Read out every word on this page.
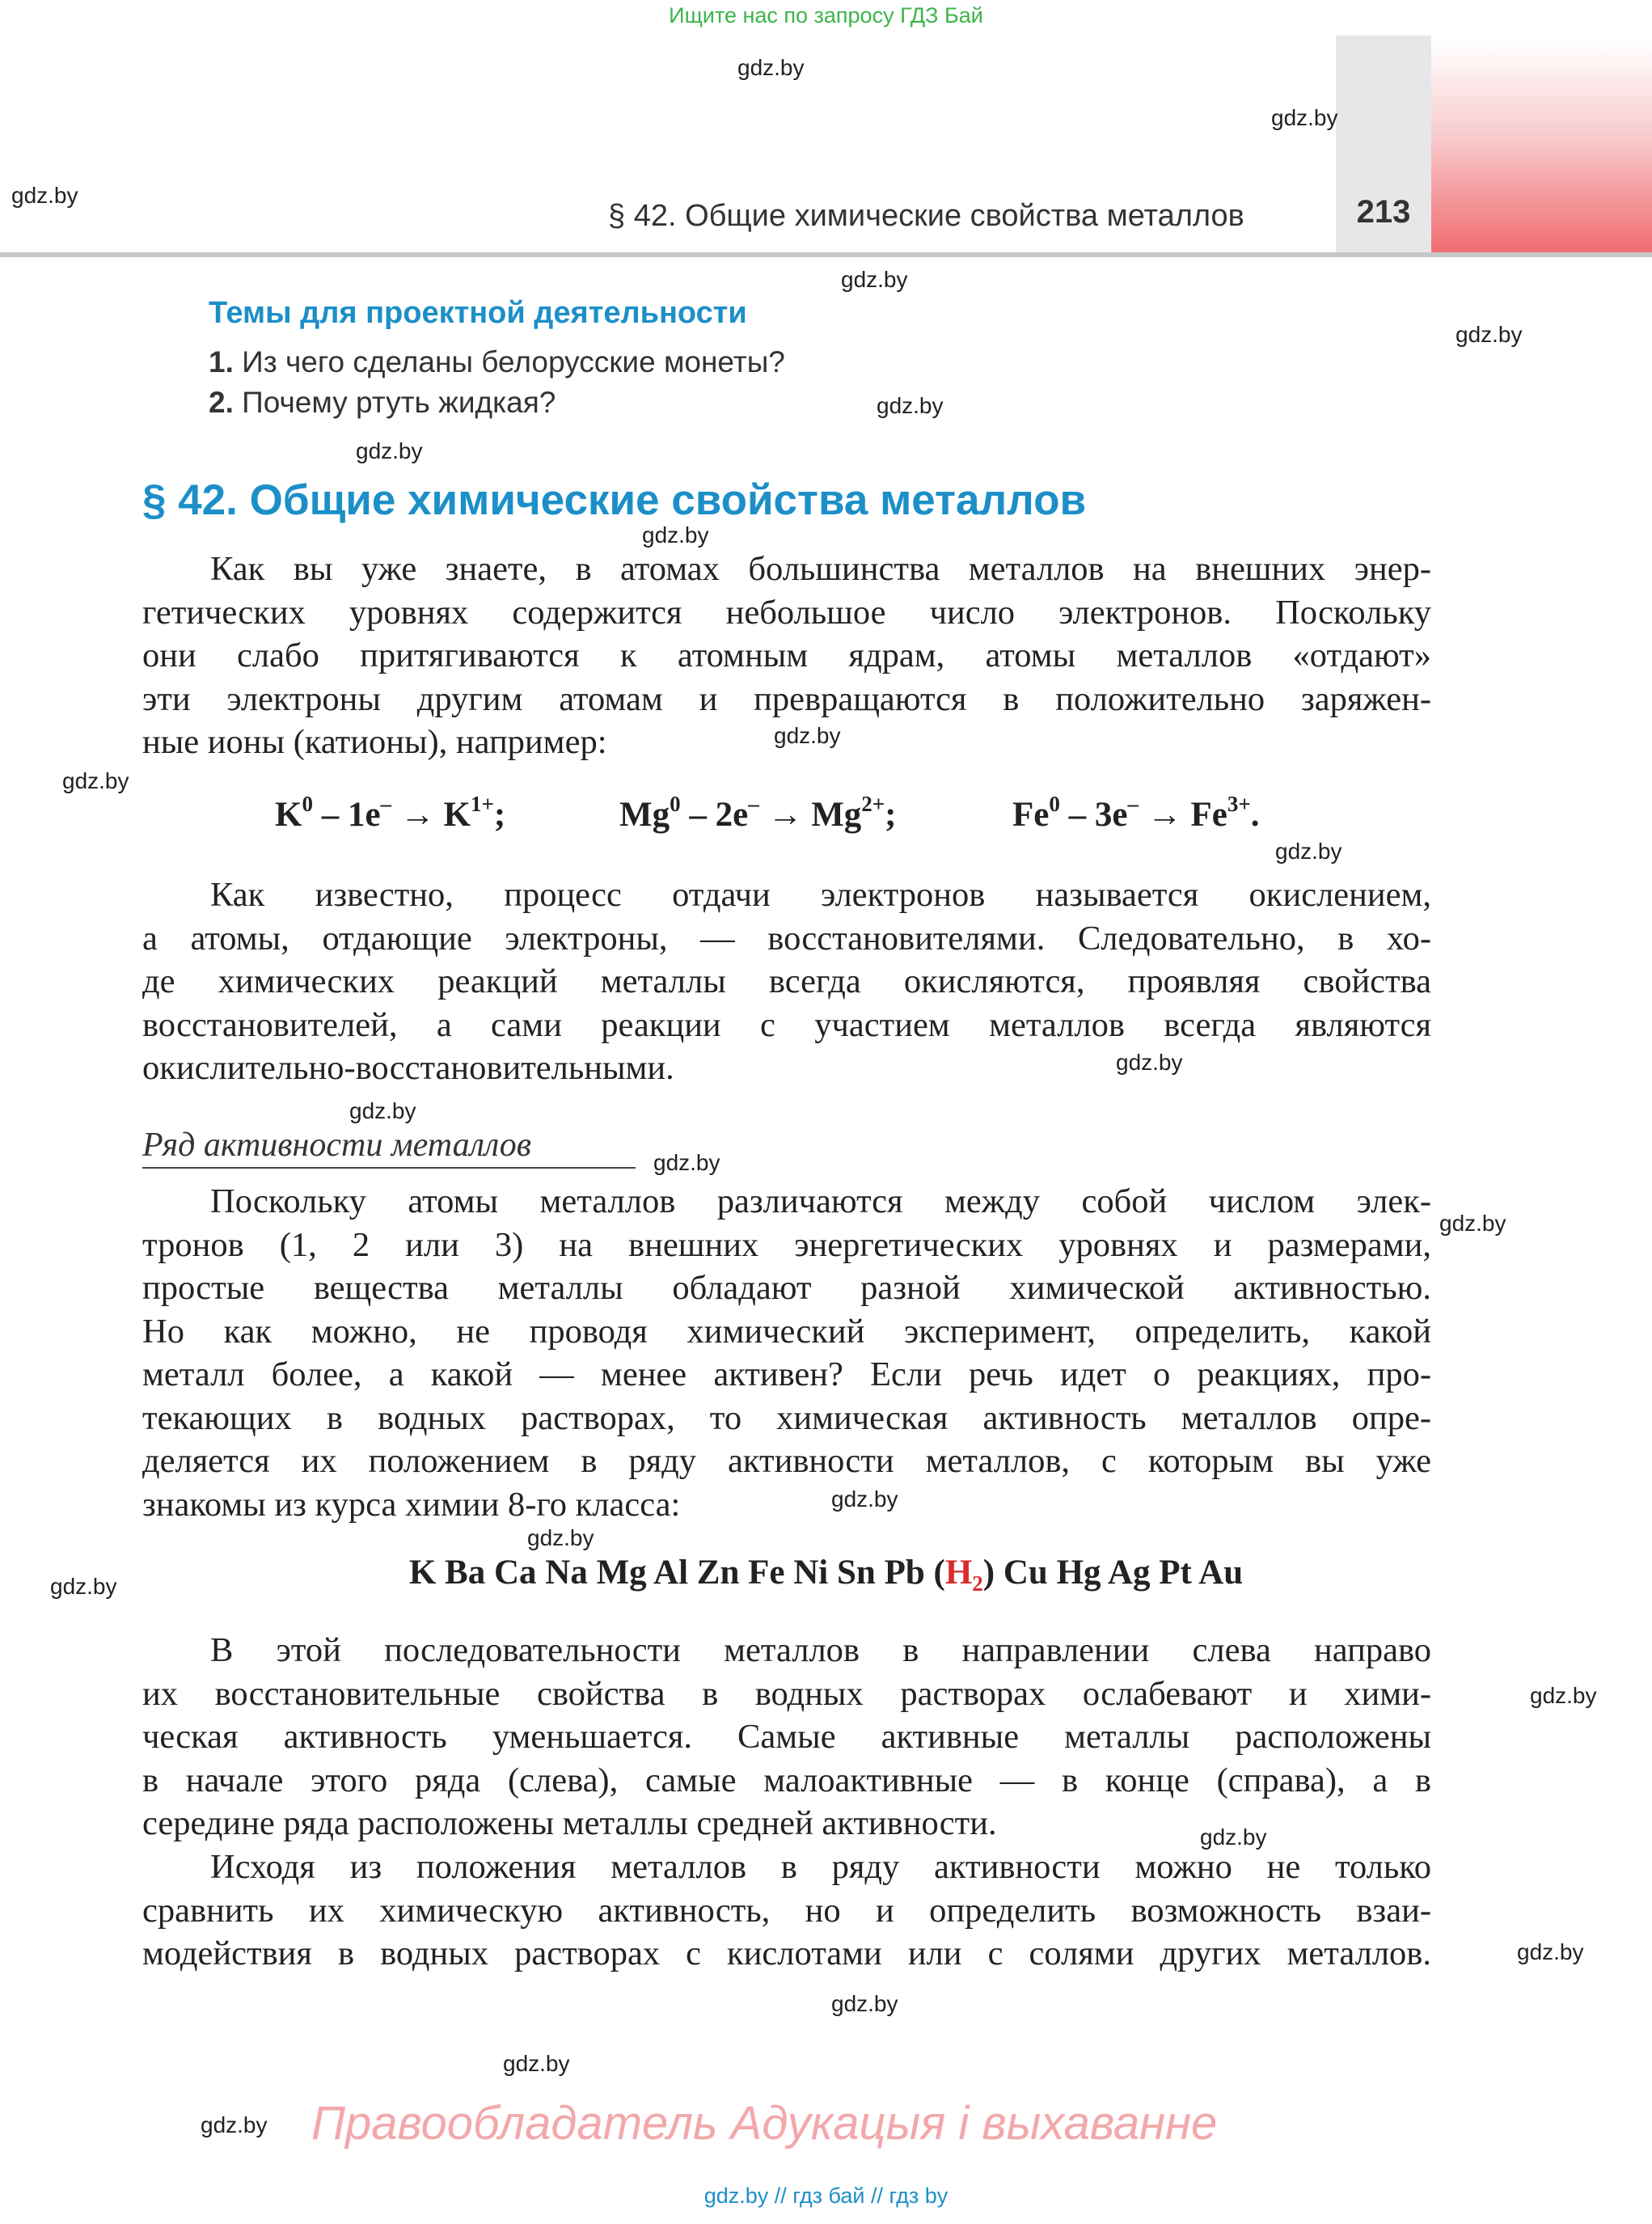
Ищите нас по запросу ГДЗ Бай
§ 42. Общие химические свойства металлов	213
Темы для проектной деятельности
1. Из чего сделаны белорусские монеты?
2. Почему ртуть жидкая?
§ 42. Общие химические свойства металлов
Как вы уже знаете, в атомах большинства металлов на внешних энер-
гетических уровнях содержится небольшое число электронов. Поскольку
они слабо притягиваются к атомным ядрам, атомы металлов «отдают»
эти электроны другим атомам и превращаются в положительно заряжен-
ные ионы (катионы), например:
$K^0 - 1e^- \to K^{1+}$;	$Mg^0 - 2e^- \to Mg^{2+}$;	$Fe^0 - 3e^- \to Fe^{3+}$.
Как известно, процесс отдачи электронов называется окислением,
а атомы, отдающие электроны, — восстановителями. Следовательно, в хо-
де химических реакций металлы всегда окисляются, проявляя свойства
восстановителей, а сами реакции с участием металлов всегда являются
окислительно-восстановительными.
Ряд активности металлов
Поскольку атомы металлов различаются между собой числом элек-
тронов (1, 2 или 3) на внешних энергетических уровнях и размерами,
простые вещества металлы обладают разной химической активностью.
Но как можно, не проводя химический эксперимент, определить, какой
металл более, а какой — менее активен? Если речь идет о реакциях, про-
текающих в водных растворах, то химическая активность металлов опре-
деляется их положением в ряду активности металлов, с которым вы уже
знакомы из курса химии 8-го класса:
K Ba Ca Na Mg Al Zn Fe Ni Sn Pb $(H_2)$ Cu Hg Ag Pt Au
В этой последовательности металлов в направлении слева направо
их восстановительные свойства в водных растворах ослабевают и хими-
ческая активность уменьшается. Самые активные металлы расположены
в начале этого ряда (слева), самые малоактивные — в конце (справа), а в
середине ряда расположены металлы средней активности.
Исходя из положения металлов в ряду активности можно не только
сравнить их химическую активность, но и определить возможность взаи-
модействия в водных растворах с кислотами или с солями других металлов.
gdz.by
gdz.by
gdz.by
gdz.by
gdz.by
gdz.by
gdz.by
gdz.by
gdz.by
gdz.by
gdz.by
gdz.by
gdz.by
gdz.by
gdz.by
gdz.by
gdz.by
gdz.by
gdz.by
gdz.by
gdz.by
gdz.by
gdz.by
gdz.by Правообладатель Адукацыя і выхаванне
gdz.by // гдз бай // гдз by
